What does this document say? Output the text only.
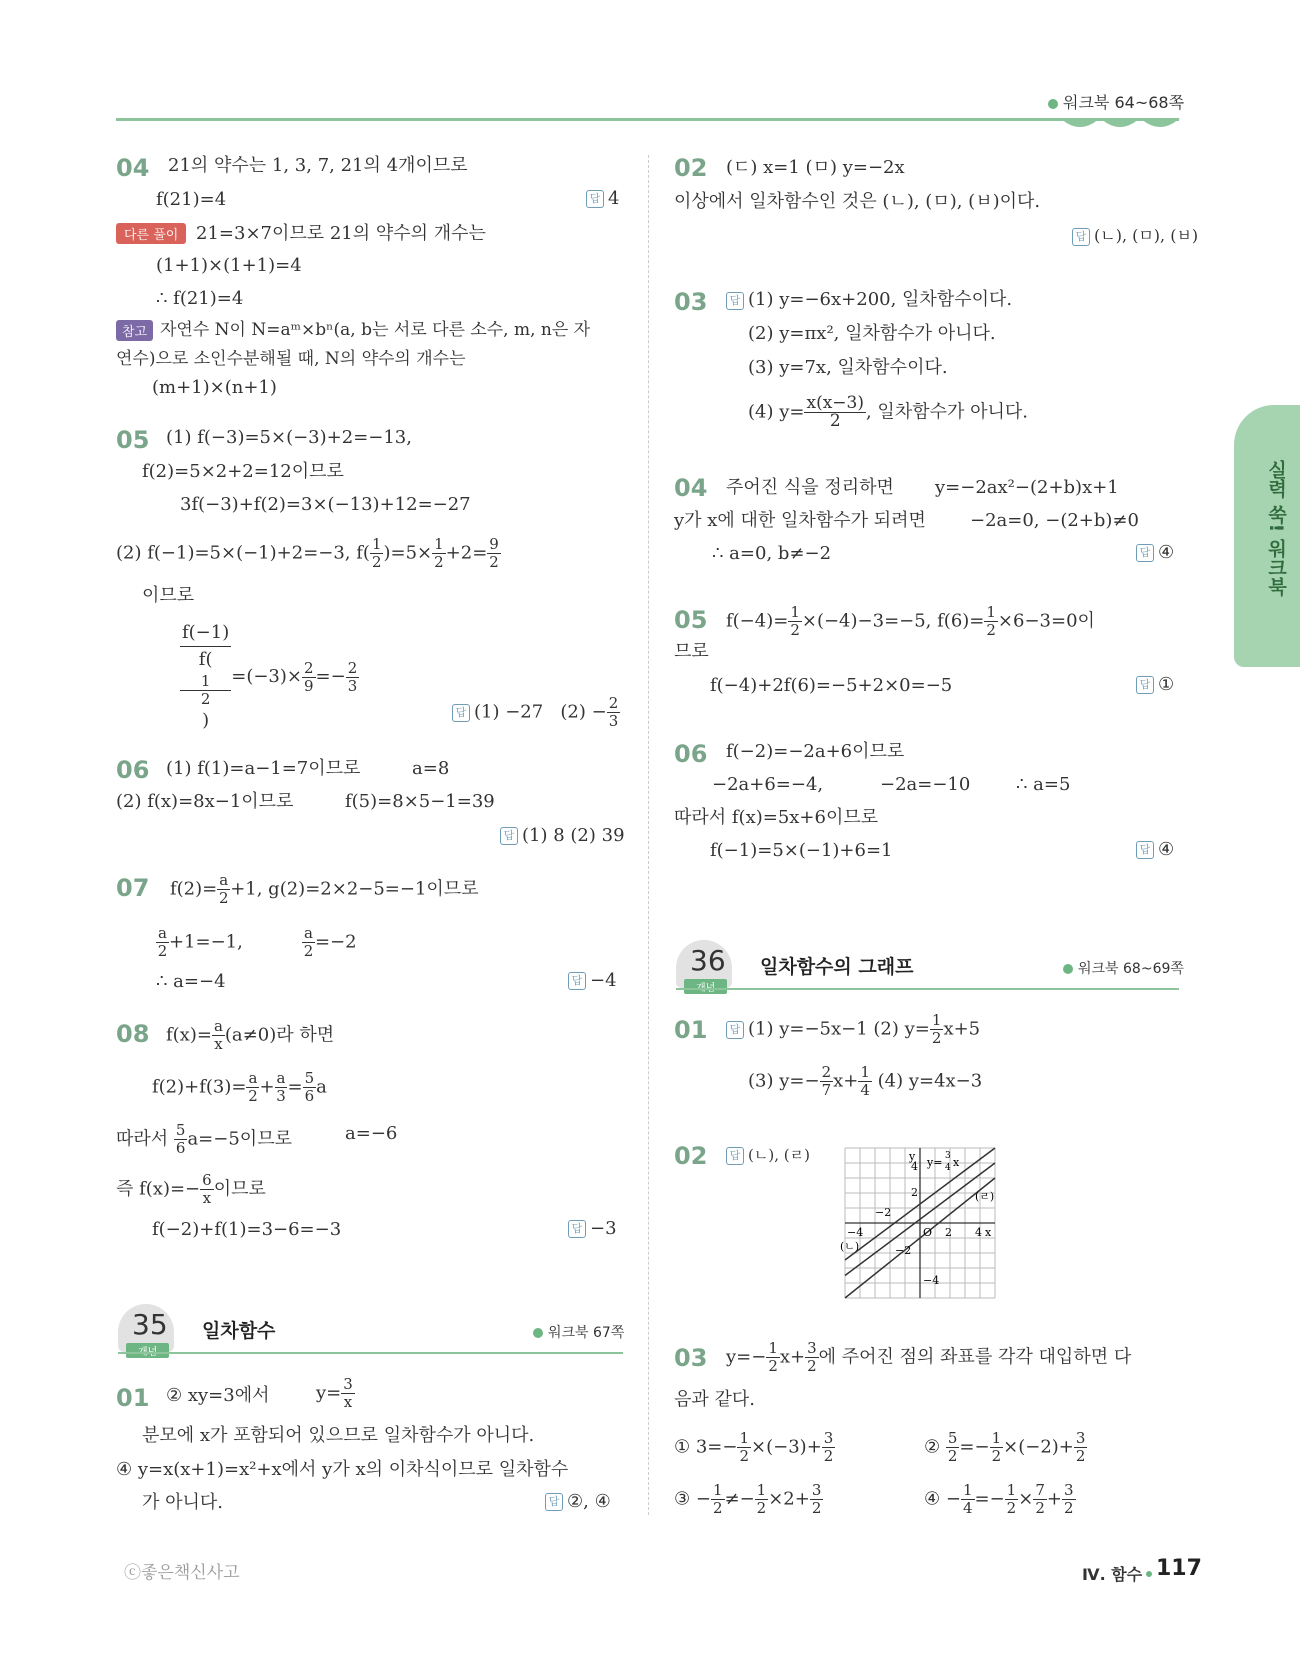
워크북 64~68쪽
실력 쑥! 워크북
04 21의 약수는 1, 3, 7, 21의 4개이므로
f(21)=4	답 4
다른 풀이 21=3×7이므로 21의 약수의 개수는
(1+1)×(1+1)=4
∴ f(21)=4
참고 자연수 N이 N=aᵐ×bⁿ(a, b는 서로 다른 소수, m, n은 자
연수)으로 소인수분해될 때, N의 약수의 개수는
(m+1)×(n+1)
05 (1) f(−3)=5×(−3)+2=−13,
f(2)=5×2+2=12이므로
3f(−3)+f(2)=3×(−13)+12=−27
(2) f(−1)=5×(−1)+2=−3, $f( \frac{1}{2} )=5\times \frac{1}{2} +2= \frac{9}{2}$
이므로
f(−1)
f(
1
2
) $=(-3)\times \frac{2}{9} =- \frac{2}{3}$
답 (1) −27 $(2) - \frac{2}{3}$
06 (1) f(1)=a−1=7이므로	a=8
(2) f(x)=8x−1이므로	f(5)=8×5−1=39
답 (1) 8 (2) 39
07 $f(2)= \frac{a}{2} +1$, g(2)=2×2−5=−1이므로
$\frac{a}{2} +1=-1$,	$\frac{a}{2} =-2$
∴ a=−4	답 −4
08 $f(x)= \frac{a}{x} (a\ne 0)$라 하면
$f(2)+f(3)= \frac{a}{2} + \frac{a}{3} = \frac{5}{6}$ a
따라서 $\frac{5}{6} a=-5$이므로	a=−6
즉 $f(x)=- \frac{6}{x}$ 이므로
f(−2)+f(1)=3−6=−3	답 −3
35 일차함수	워크북 67쪽
01 ② xy=3에서	$y= \frac{3}{x}$
분모에 x가 포함되어 있으므로 일차함수가 아니다.
④ y=x(x+1)=x²+x에서 y가 x의 이차식이므로 일차함수
가 아니다.	답 ②, ④
02 (ㄷ) x=1 (ㅁ) y=−2x
이상에서 일차함수인 것은 (ㄴ), (ㅁ), (ㅂ)이다.
답 (ㄴ), (ㅁ), (ㅂ)
03	답 (1) y=−6x+200, 일차함수이다.
(2) y=πx², 일차함수가 아니다.
(3) y=7x, 일차함수이다.
(4) $y= \frac{x(x-3)}{2}$ , 일차함수가 아니다.
04 주어진 식을 정리하면 y=−2ax²−(2+b)x+1
y가 x에 대한 일차함수가 되려면 −2a=0, −(2+b)≠0
∴ a=0, b≠−2	답 ④
05 $f(-4)= \frac{1}{2} \times(-4)-3=-5$, $f(6)= \frac{1}{2} \times 6-3=0$이
므로
f(−4)+2f(6)=−5+2×0=−5	답 ①
06 f(−2)=−2a+6이므로
−2a+6=−4,	−2a=−10	∴ a=5
따라서 f(x)=5x+6이므로
f(−1)=5×(−1)+6=1	답 ④
36 일차함수의 그래프	워크북 68~69쪽
01	답 (1) y=−5x−1 (2) $y= \frac{1}{2} x+5$
(3) $y=- \frac{2}{7} x+ \frac{1}{4} (4)$ y=4x−3
02	답 (ㄴ), (ㄹ)	y
4 y= 3
4 x
2	(ㄹ)
−2
−4	O 2 4 x
(ㄴ)	−2
−4
03 $y=- \frac{1}{2} x+ \frac{3}{2}$ 에 주어진 점의 좌표를 각각 대입하면 다
음과 같다.
① $3=- \frac{1}{2} \times(-3)+ \frac{3}{2}$	② $\frac{5}{2} =- \frac{1}{2} \times(-2)+ \frac{3}{2}$
③ − $\frac{1}{2} \ne- \frac{1}{2} \times 2+ \frac{3}{2}$	④ − $\frac{1}{4} =- \frac{1}{2} \times \frac{7}{2} + \frac{3}{2}$
ⓒ좋은책신사고	Ⅳ. 함수 117
